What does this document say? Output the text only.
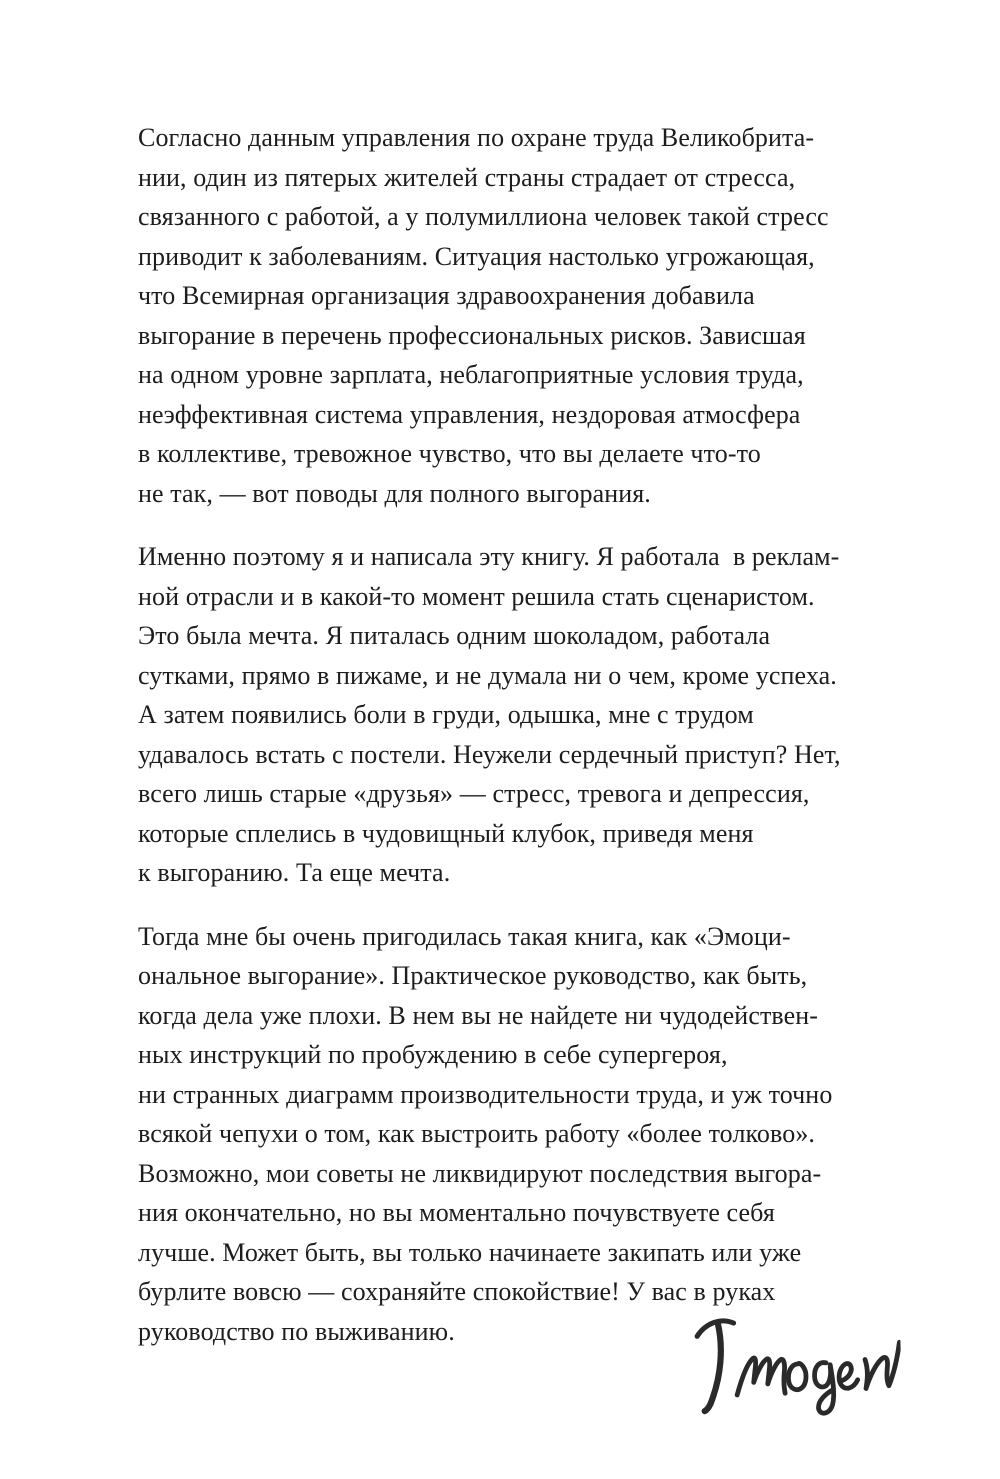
Согласно данным управления по охране труда Великобрита-
нии, один из пятерых жителей страны страдает от стресса,
связанного с работой, а у полумиллиона человек такой стресс
приводит к заболеваниям. Ситуация настолько угрожающая,
что Всемирная организация здравоохранения добавила
выгорание в перечень профессиональных рисков. Зависшая
на одном уровне зарплата, неблагоприятные условия труда,
неэффективная система управления, нездоровая атмосфера
в коллективе, тревожное чувство, что вы делаете что-то
не так, — вот поводы для полного выгорания.
Именно поэтому я и написала эту книгу. Я работала  в реклам-
ной отрасли и в какой-то момент решила стать сценаристом.
Это была мечта. Я питалась одним шоколадом, работала
сутками, прямо в пижаме, и не думала ни о чем, кроме успеха.
А затем появились боли в груди, одышка, мне с трудом
удавалось встать с постели. Неужели сердечный приступ? Нет,
всего лишь старые «друзья» — стресс, тревога и депрессия,
которые сплелись в чудовищный клубок, приведя меня
к выгоранию. Та еще мечта.
Тогда мне бы очень пригодилась такая книга, как «Эмоци-
ональное выгорание». Практическое руководство, как быть,
когда дела уже плохи. В нем вы не найдете ни чудодействен-
ных инструкций по пробуждению в себе супергероя,
ни странных диаграмм производительности труда, и уж точно
всякой чепухи о том, как выстроить работу «более толково».
Возможно, мои советы не ликвидируют последствия выгора-
ния окончательно, но вы моментально почувствуете себя
лучше. Может быть, вы только начинаете закипать или уже
бурлите вовсю — сохраняйте спокойствие! У вас в руках
руководство по выживанию.
